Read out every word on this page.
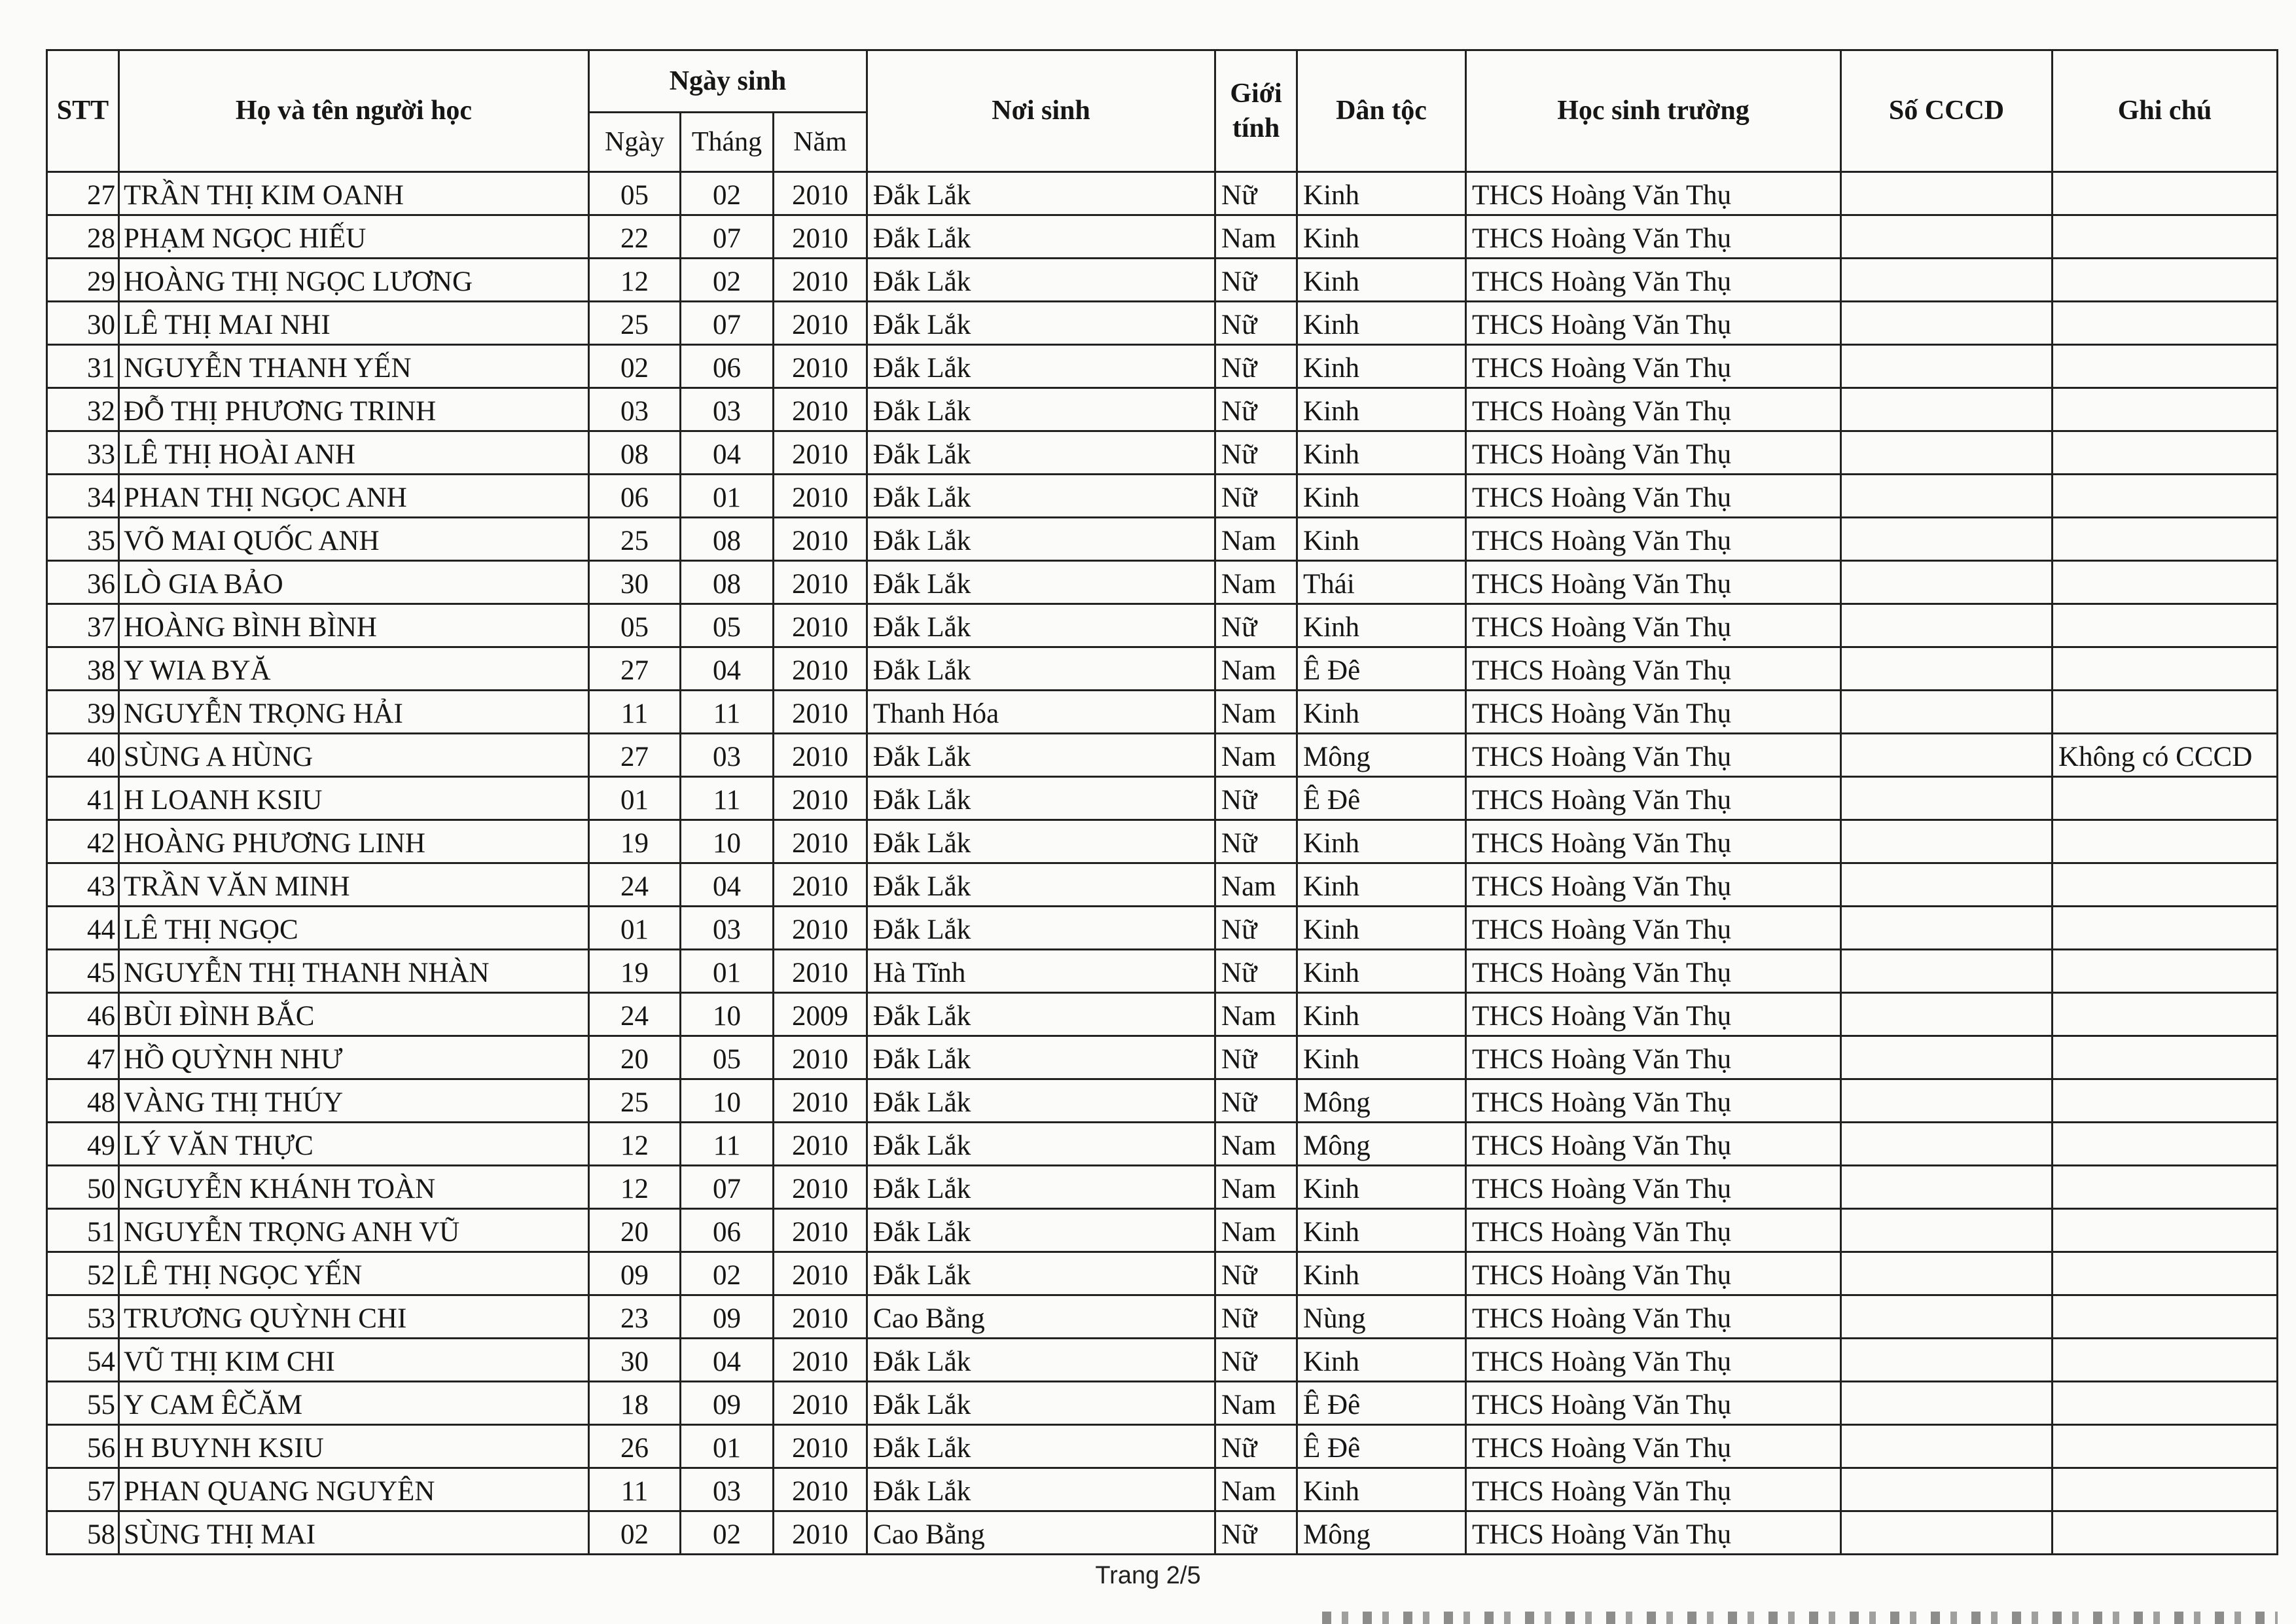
STT	Họ và tên người học	Ngày sinh			Nơi sinh	Giới
tính	Dân tộc	Học sinh trường	Số CCCD	Ghi chú
		Ngày	Tháng	Năm						
27	TRẦN THỊ KIM OANH	05	02	2010	Đắk Lắk	Nữ	Kinh	THCS Hoàng Văn Thụ		
28	PHẠM NGỌC HIẾU	22	07	2010	Đắk Lắk	Nam	Kinh	THCS Hoàng Văn Thụ		
29	HOÀNG THỊ NGỌC LƯƠNG	12	02	2010	Đắk Lắk	Nữ	Kinh	THCS Hoàng Văn Thụ		
30	LÊ THỊ MAI NHI	25	07	2010	Đắk Lắk	Nữ	Kinh	THCS Hoàng Văn Thụ		
31	NGUYỄN THANH YẾN	02	06	2010	Đắk Lắk	Nữ	Kinh	THCS Hoàng Văn Thụ		
32	ĐỖ THỊ PHƯƠNG TRINH	03	03	2010	Đắk Lắk	Nữ	Kinh	THCS Hoàng Văn Thụ		
33	LÊ THỊ HOÀI ANH	08	04	2010	Đắk Lắk	Nữ	Kinh	THCS Hoàng Văn Thụ		
34	PHAN THỊ NGỌC ANH	06	01	2010	Đắk Lắk	Nữ	Kinh	THCS Hoàng Văn Thụ		
35	VÕ MAI QUỐC ANH	25	08	2010	Đắk Lắk	Nam	Kinh	THCS Hoàng Văn Thụ		
36	LÒ GIA BẢO	30	08	2010	Đắk Lắk	Nam	Thái	THCS Hoàng Văn Thụ		
37	HOÀNG BÌNH BÌNH	05	05	2010	Đắk Lắk	Nữ	Kinh	THCS Hoàng Văn Thụ		
38	Y WIA BYĂ	27	04	2010	Đắk Lắk	Nam	Ê Đê	THCS Hoàng Văn Thụ		
39	NGUYỄN TRỌNG HẢI	11	11	2010	Thanh Hóa	Nam	Kinh	THCS Hoàng Văn Thụ		
40	SÙNG A HÙNG	27	03	2010	Đắk Lắk	Nam	Mông	THCS Hoàng Văn Thụ		Không có CCCD
41	H LOANH KSIU	01	11	2010	Đắk Lắk	Nữ	Ê Đê	THCS Hoàng Văn Thụ		
42	HOÀNG PHƯƠNG LINH	19	10	2010	Đắk Lắk	Nữ	Kinh	THCS Hoàng Văn Thụ		
43	TRẦN VĂN MINH	24	04	2010	Đắk Lắk	Nam	Kinh	THCS Hoàng Văn Thụ		
44	LÊ THỊ NGỌC	01	03	2010	Đắk Lắk	Nữ	Kinh	THCS Hoàng Văn Thụ		
45	NGUYỄN THỊ THANH NHÀN	19	01	2010	Hà Tĩnh	Nữ	Kinh	THCS Hoàng Văn Thụ		
46	BÙI ĐÌNH BẮC	24	10	2009	Đắk Lắk	Nam	Kinh	THCS Hoàng Văn Thụ		
47	HỒ QUỲNH NHƯ	20	05	2010	Đắk Lắk	Nữ	Kinh	THCS Hoàng Văn Thụ		
48	VÀNG THỊ THÚY	25	10	2010	Đắk Lắk	Nữ	Mông	THCS Hoàng Văn Thụ		
49	LÝ VĂN THỰC	12	11	2010	Đắk Lắk	Nam	Mông	THCS Hoàng Văn Thụ		
50	NGUYỄN KHÁNH TOÀN	12	07	2010	Đắk Lắk	Nam	Kinh	THCS Hoàng Văn Thụ		
51	NGUYỄN TRỌNG ANH VŨ	20	06	2010	Đắk Lắk	Nam	Kinh	THCS Hoàng Văn Thụ		
52	LÊ THỊ NGỌC YẾN	09	02	2010	Đắk Lắk	Nữ	Kinh	THCS Hoàng Văn Thụ		
53	TRƯƠNG QUỲNH CHI	23	09	2010	Cao Bằng	Nữ	Nùng	THCS Hoàng Văn Thụ		
54	VŨ THỊ KIM CHI	30	04	2010	Đắk Lắk	Nữ	Kinh	THCS Hoàng Văn Thụ		
55	Y CAM ÊČĂM	18	09	2010	Đắk Lắk	Nam	Ê Đê	THCS Hoàng Văn Thụ		
56	H BUYNH KSIU	26	01	2010	Đắk Lắk	Nữ	Ê Đê	THCS Hoàng Văn Thụ		
57	PHAN QUANG NGUYÊN	11	03	2010	Đắk Lắk	Nam	Kinh	THCS Hoàng Văn Thụ		
58	SÙNG THỊ MAI	02	02	2010	Cao Bằng	Nữ	Mông	THCS Hoàng Văn Thụ		
Trang 2/5
